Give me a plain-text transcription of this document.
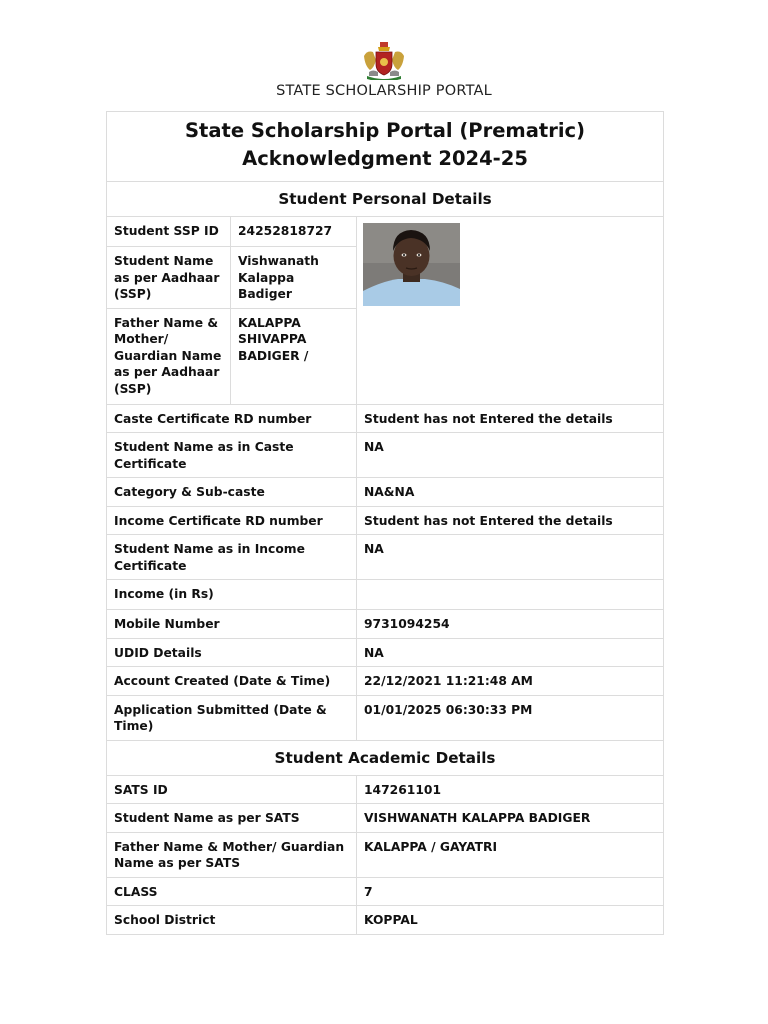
STATE SCHOLARSHIP PORTAL
State Scholarship Portal (Prematric)
Acknowledgment 2024-25		
Student Personal Details		
Student SSP ID	24252818727	

Student Name as per Aadhaar (SSP)	Vishwanath Kalappa Badiger	
Father Name & Mother/ Guardian Name as per Aadhaar (SSP)	KALAPPA SHIVAPPA BADIGER /	
Caste Certificate RD number		Student has not Entered the details
Student Name as in Caste Certificate		NA
Category & Sub-caste		NA&NA
Income Certificate RD number		Student has not Entered the details
Student Name as in Income Certificate		NA
Income (in Rs)		
Mobile Number		9731094254
UDID Details		NA
Account Created (Date & Time)		22/12/2021 11:21:48 AM
Application Submitted (Date & Time)		01/01/2025 06:30:33 PM
Student Academic Details		
SATS ID		147261101
Student Name as per SATS		VISHWANATH KALAPPA BADIGER
Father Name & Mother/ Guardian Name as per SATS		KALAPPA / GAYATRI
CLASS		7
School District		KOPPAL
